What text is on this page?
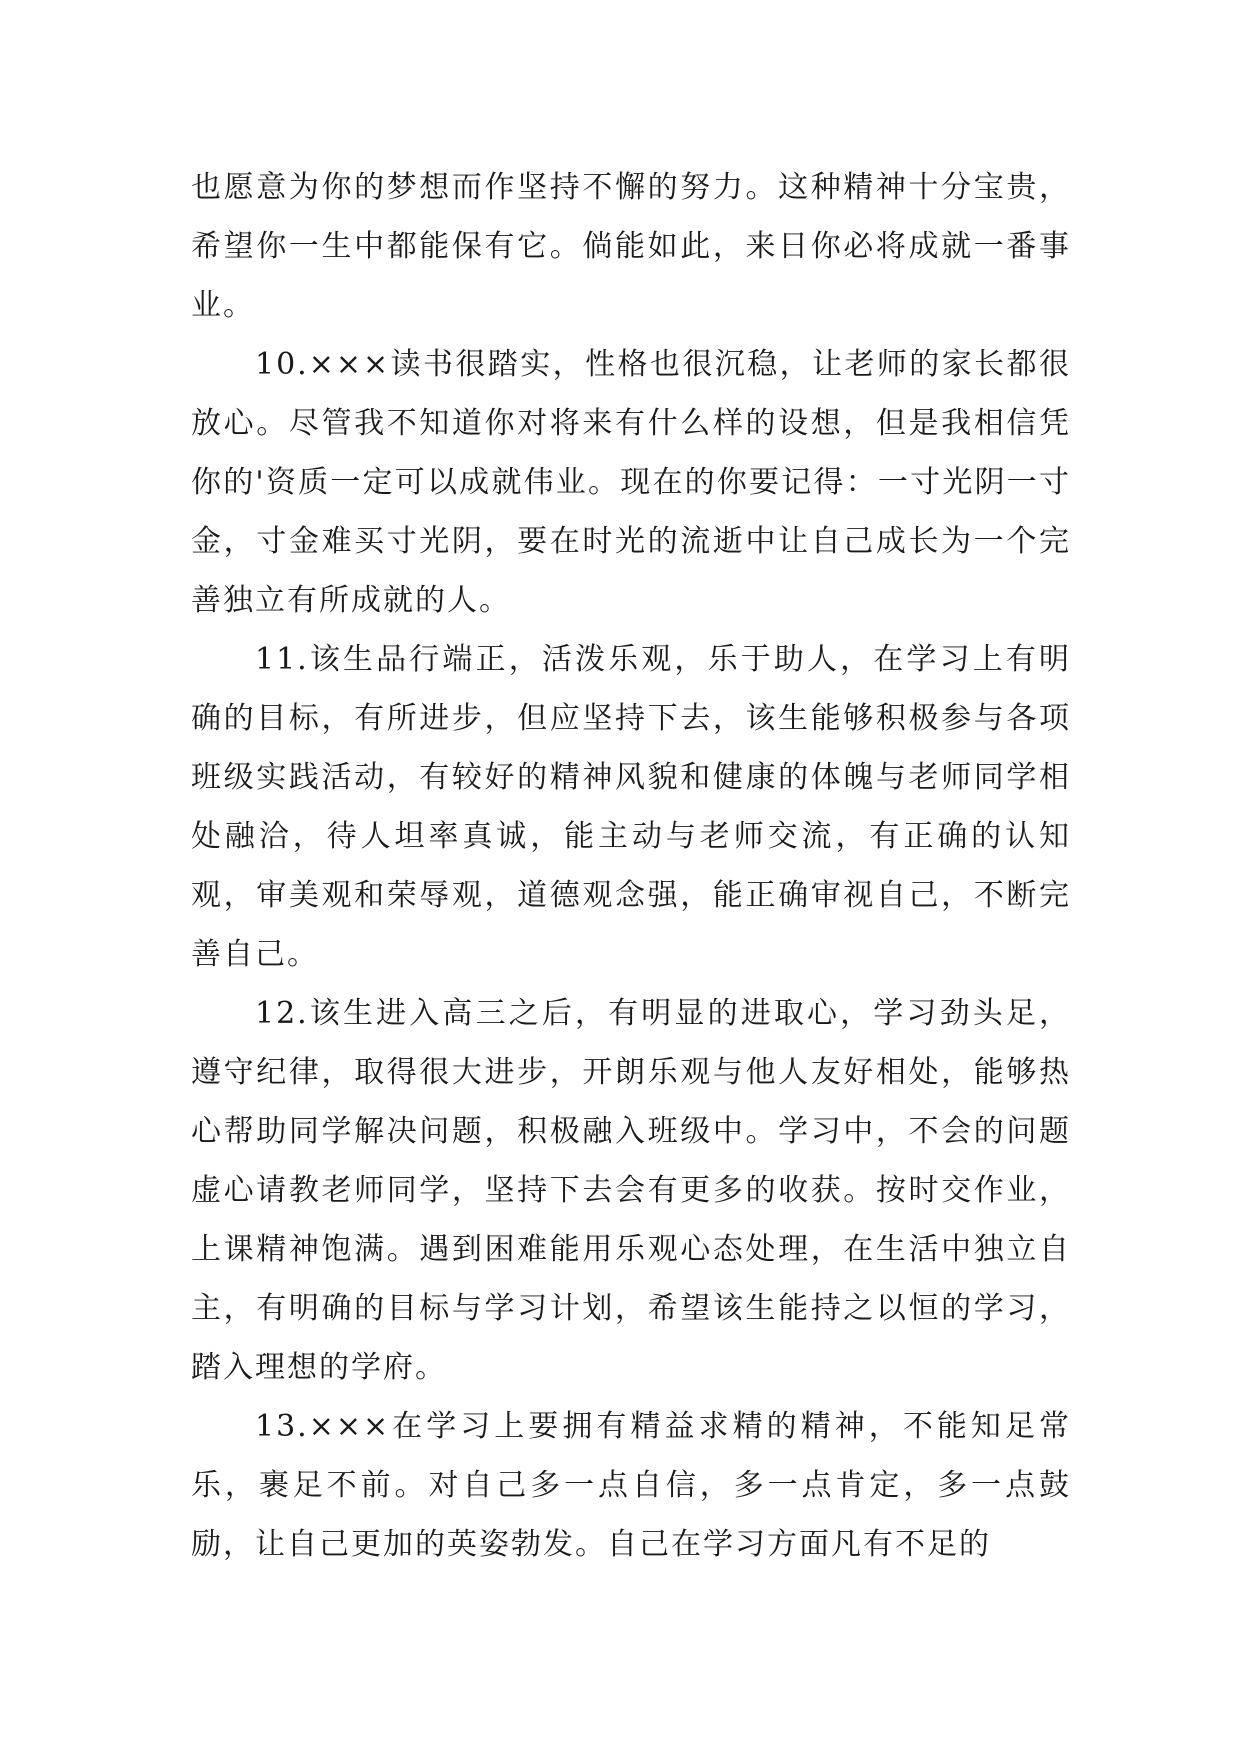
也愿意为你的梦想而作坚持不懈的努力。这种精神十分宝贵，希望你一生中都能保有它。倘能如此，来日你必将成就一番事业。

10.×××读书很踏实，性格也很沉稳，让老师的家长都很放心。尽管我不知道你对将来有什么样的设想，但是我相信凭你的'资质一定可以成就伟业。现在的你要记得：一寸光阴一寸金，寸金难买寸光阴，要在时光的流逝中让自己成长为一个完善独立有所成就的人。

11.该生品行端正，活泼乐观，乐于助人，在学习上有明确的目标，有所进步，但应坚持下去，该生能够积极参与各项班级实践活动，有较好的精神风貌和健康的体魄与老师同学相处融洽，待人坦率真诚，能主动与老师交流，有正确的认知观，审美观和荣辱观，道德观念强，能正确审视自己，不断完善自己。

12.该生进入高三之后，有明显的进取心，学习劲头足，遵守纪律，取得很大进步，开朗乐观与他人友好相处，能够热心帮助同学解决问题，积极融入班级中。学习中，不会的问题虚心请教老师同学，坚持下去会有更多的收获。按时交作业，上课精神饱满。遇到困难能用乐观心态处理，在生活中独立自主，有明确的目标与学习计划，希望该生能持之以恒的学习，踏入理想的学府。

13.×××在学习上要拥有精益求精的精神，不能知足常乐，裹足不前。对自己多一点自信，多一点肯定，多一点鼓励，让自己更加的英姿勃发。自己在学习方面凡有不足的
